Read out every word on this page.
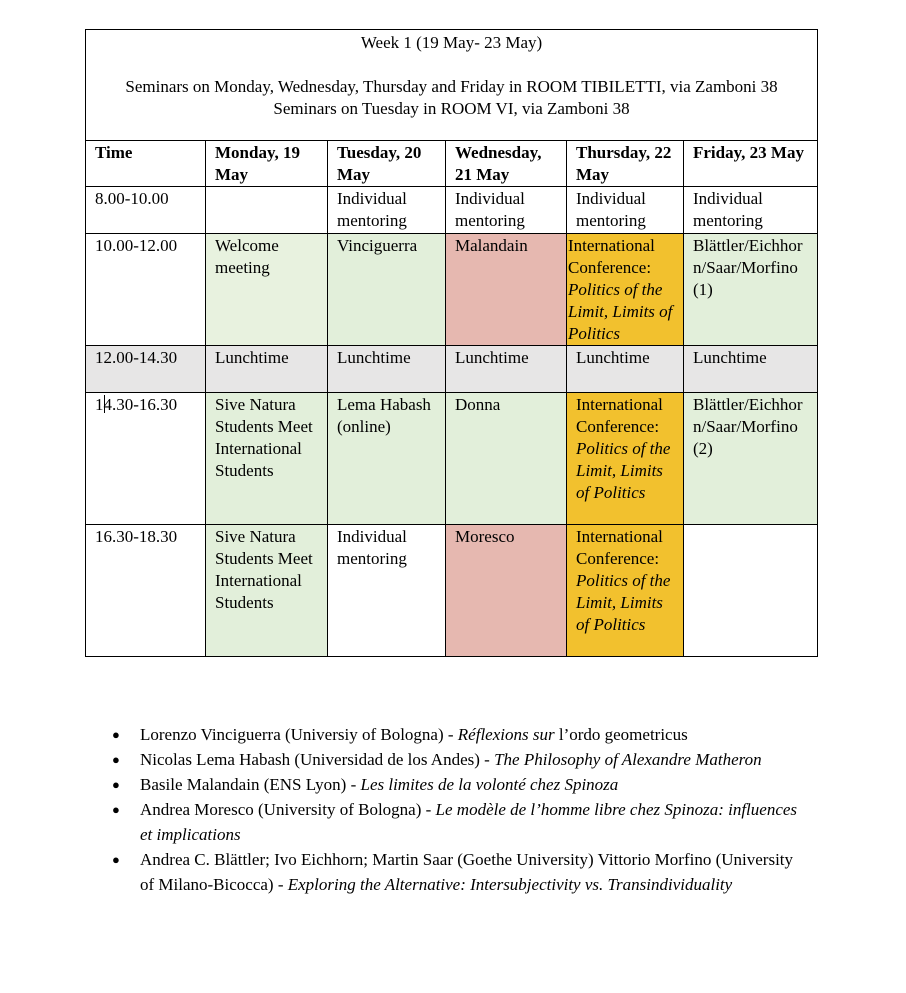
Week 1 (19 May- 23 May)
Seminars on Monday, Wednesday, Thursday and Friday in ROOM TIBILETTI, via Zamboni 38
Seminars on Tuesday in ROOM VI, via Zamboni 38					

Time	Monday, 19 May	Tuesday, 20 May	Wednesday, 21 May	Thursday, 22 May	Friday, 23 May
8.00-10.00		Individual mentoring	Individual mentoring	Individual mentoring	Individual mentoring
10.00-12.00	Welcome meeting	Vinciguerra	Malandain	International Conference: Politics of the Limit, Limits of Politics	Blättler/Eichhorn/Saar/Morfino (1)
12.00-14.30	Lunchtime	Lunchtime	Lunchtime	Lunchtime	Lunchtime
14.30-16.30	Sive Natura Students Meet International Students	Lema Habash (online)	Donna	International Conference: Politics of the Limit, Limits of Politics	Blättler/Eichhorn/Saar/Morfino (2)
16.30-18.30	Sive Natura Students Meet International Students	Individual mentoring	Moresco	International Conference: Politics of the Limit, Limits of Politics	
● Lorenzo Vinciguerra (Universiy of Bologna) - Réflexions sur l’ordo geometricus
● Nicolas Lema Habash (Universidad de los Andes) - The Philosophy of Alexandre Matheron
● Basile Malandain (ENS Lyon) - Les limites de la volonté chez Spinoza
● Andrea Moresco (University of Bologna) - Le modèle de l’homme libre chez Spinoza: influences et implications
● Andrea C. Blättler; Ivo Eichhorn; Martin Saar (Goethe University) Vittorio Morfino (University of Milano-Bicocca) - Exploring the Alternative: Intersubjectivity vs. Transindividuality
